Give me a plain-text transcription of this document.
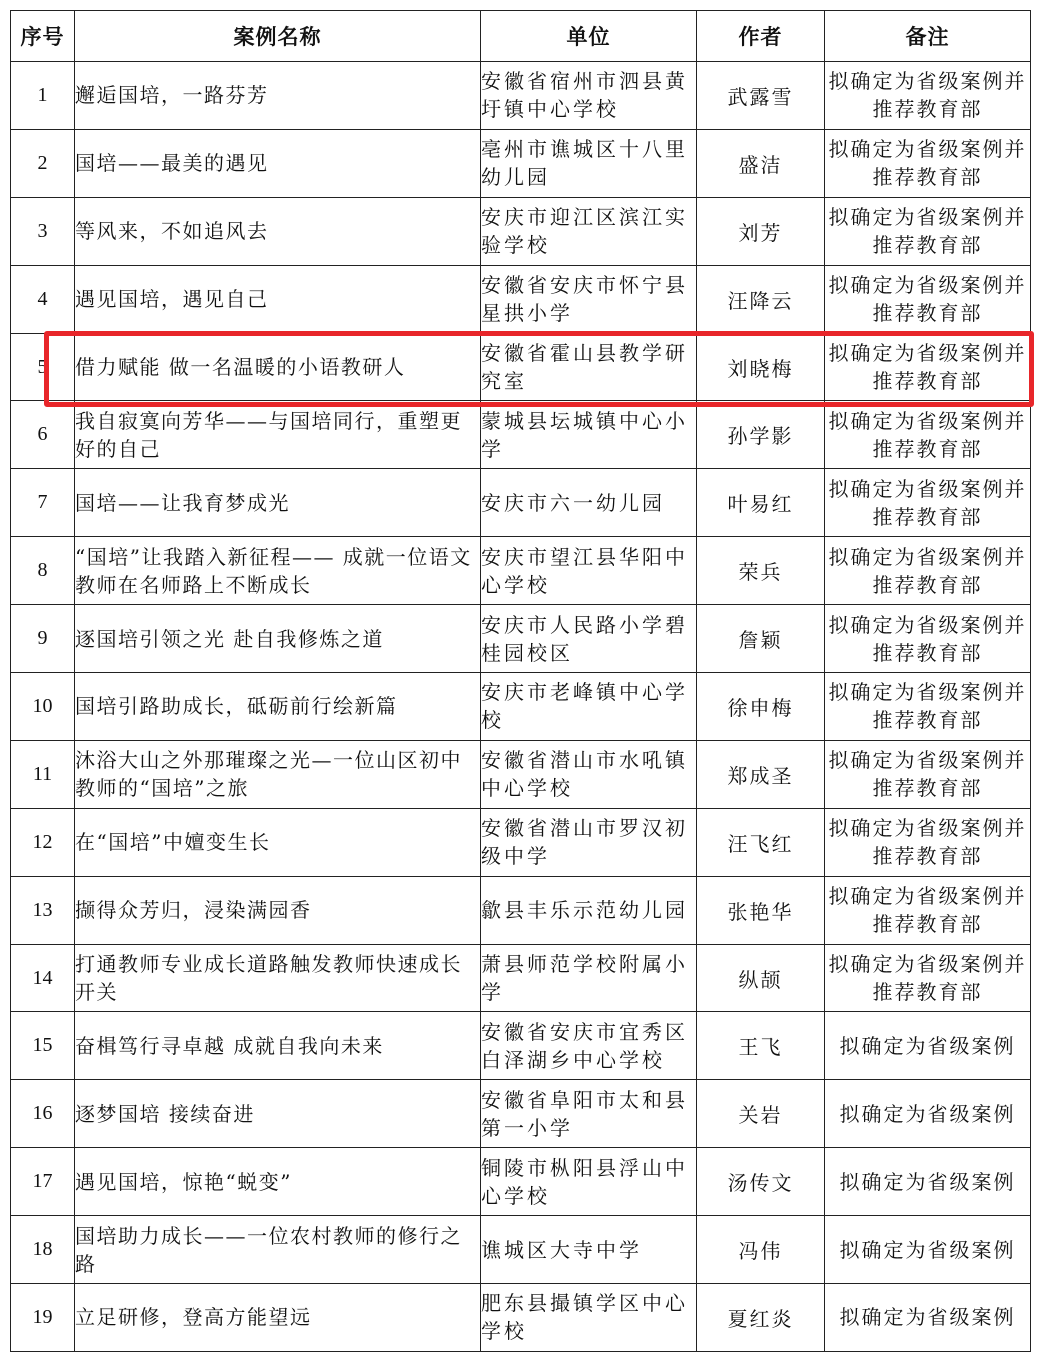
序号	案例名称	单位	作者	备注
1	邂逅国培，一路芬芳	安徽省宿州市泗县黄圩镇中心学校	武露雪	拟确定为省级案例并推荐教育部
2	国培——最美的遇见	亳州市谯城区十八里幼儿园	盛洁	拟确定为省级案例并推荐教育部
3	等风来，不如追风去	安庆市迎江区滨江实验学校	刘芳	拟确定为省级案例并推荐教育部
4	遇见国培，遇见自己	安徽省安庆市怀宁县星拱小学	汪降云	拟确定为省级案例并推荐教育部
5	借力赋能 做一名温暖的小语教研人	安徽省霍山县教学研究室	刘晓梅	拟确定为省级案例并推荐教育部
6	我自寂寞向芳华——与国培同行，重塑更好的自己	蒙城县坛城镇中心小学	孙学影	拟确定为省级案例并推荐教育部
7	国培——让我育梦成光	安庆市六一幼儿园	叶易红	拟确定为省级案例并推荐教育部
8	“国培”让我踏入新征程—— 成就一位语文教师在名师路上不断成长	安庆市望江县华阳中心学校	荣兵	拟确定为省级案例并推荐教育部
9	逐国培引领之光 赴自我修炼之道	安庆市人民路小学碧桂园校区	詹颖	拟确定为省级案例并推荐教育部
10	国培引路助成长，砥砺前行绘新篇	安庆市老峰镇中心学校	徐申梅	拟确定为省级案例并推荐教育部
11	沐浴大山之外那璀璨之光—一位山区初中教师的“国培”之旅	安徽省潜山市水吼镇中心学校	郑成圣	拟确定为省级案例并推荐教育部
12	在“国培”中嬗变生长	安徽省潜山市罗汉初级中学	汪飞红	拟确定为省级案例并推荐教育部
13	撷得众芳归，浸染满园香	歙县丰乐示范幼儿园	张艳华	拟确定为省级案例并推荐教育部
14	打通教师专业成长道路触发教师快速成长开关	萧县师范学校附属小学	纵颉	拟确定为省级案例并推荐教育部
15	奋楫笃行寻卓越 成就自我向未来	安徽省安庆市宜秀区白泽湖乡中心学校	王飞	拟确定为省级案例
16	逐梦国培 接续奋进	安徽省阜阳市太和县第一小学	关岩	拟确定为省级案例
17	遇见国培，惊艳“蜕变”	铜陵市枞阳县浮山中心学校	汤传文	拟确定为省级案例
18	国培助力成长——一位农村教师的修行之路	谯城区大寺中学	冯伟	拟确定为省级案例
19	立足研修，登高方能望远	肥东县撮镇学区中心学校	夏红炎	拟确定为省级案例
